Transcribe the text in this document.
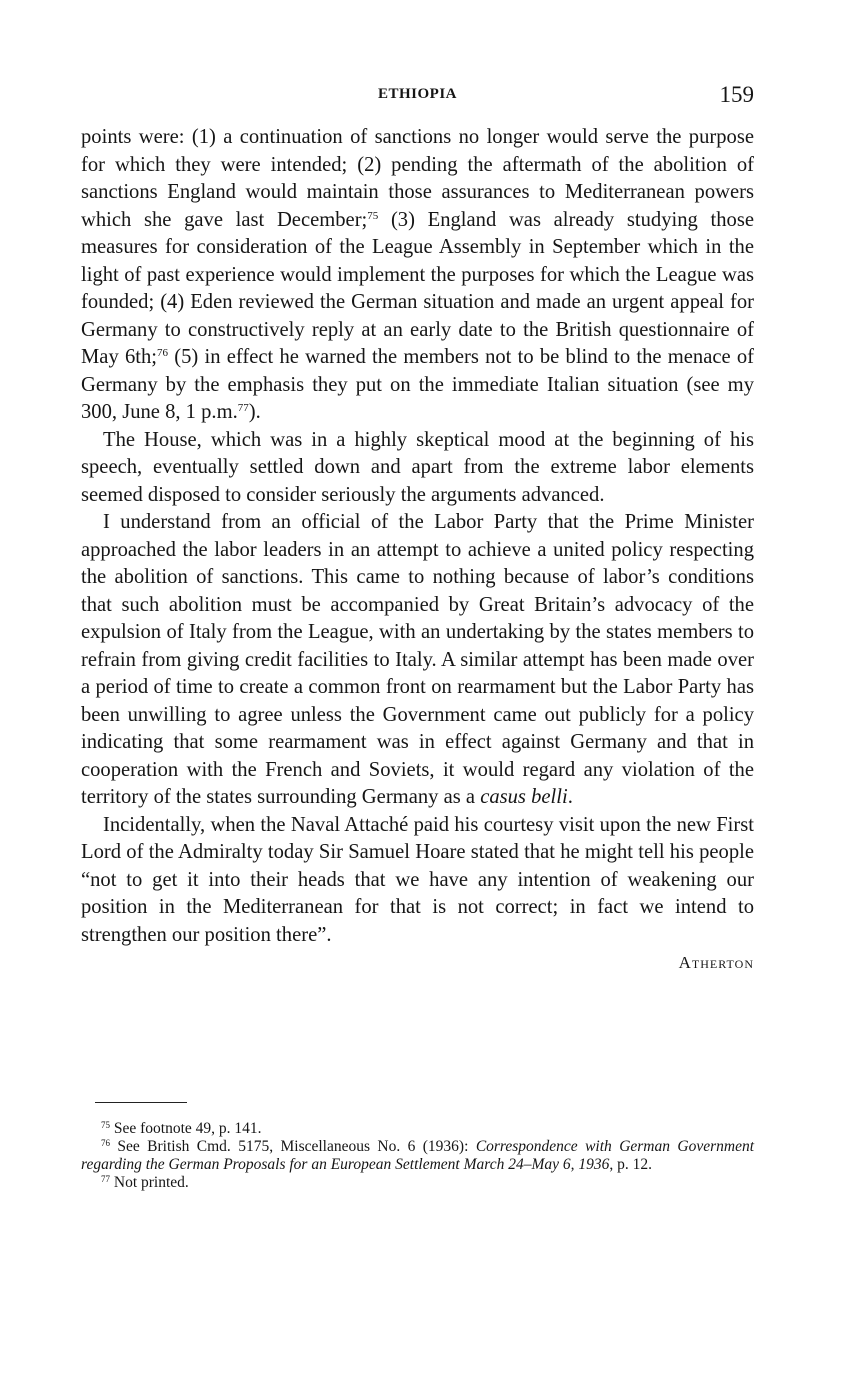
ETHIOPIA	159

points were: (1) a continuation of sanctions no longer would serve the purpose for which they were intended; (2) pending the aftermath of the abolition of sanctions England would maintain those assurances to Mediterranean powers which she gave last December;$^{75}$ (3) England was already studying those measures for consideration of the League Assembly in September which in the light of past experience would implement the purposes for which the League was founded; (4) Eden reviewed the German situation and made an urgent appeal for Germany to constructively reply at an early date to the British questionnaire of May 6th;$^{76}$ (5) in effect he warned the members not to be blind to the menace of Germany by the emphasis they put on the immediate Italian situation (see my 300, June 8, 1 p.m.$^{77}$).

The House, which was in a highly skeptical mood at the beginning of his speech, eventually settled down and apart from the extreme labor elements seemed disposed to consider seriously the arguments advanced.

I understand from an official of the Labor Party that the Prime Minister approached the labor leaders in an attempt to achieve a united policy respecting the abolition of sanctions. This came to nothing because of labor’s conditions that such abolition must be accompanied by Great Britain’s advocacy of the expulsion of Italy from the League, with an undertaking by the states members to refrain from giving credit facilities to Italy. A similar attempt has been made over a period of time to create a common front on rearmament but the Labor Party has been unwilling to agree unless the Government came out publicly for a policy indicating that some rearmament was in effect against Germany and that in cooperation with the French and Soviets, it would regard any violation of the territory of the states surrounding Germany as a casus belli.

Incidentally, when the Naval Attaché paid his courtesy visit upon the new First Lord of the Admiralty today Sir Samuel Hoare stated that he might tell his people “not to get it into their heads that we have any intention of weakening our position in the Mediterranean for that is not correct; in fact we intend to strengthen our position there”.

Atherton

$^{75}$ See footnote 49, p. 141.

$^{76}$ See British Cmd. 5175, Miscellaneous No. 6 (1936): Correspondence with German Government regarding the German Proposals for an European Settlement March 24–May 6, 1936, p. 12.

$^{77}$ Not printed.
